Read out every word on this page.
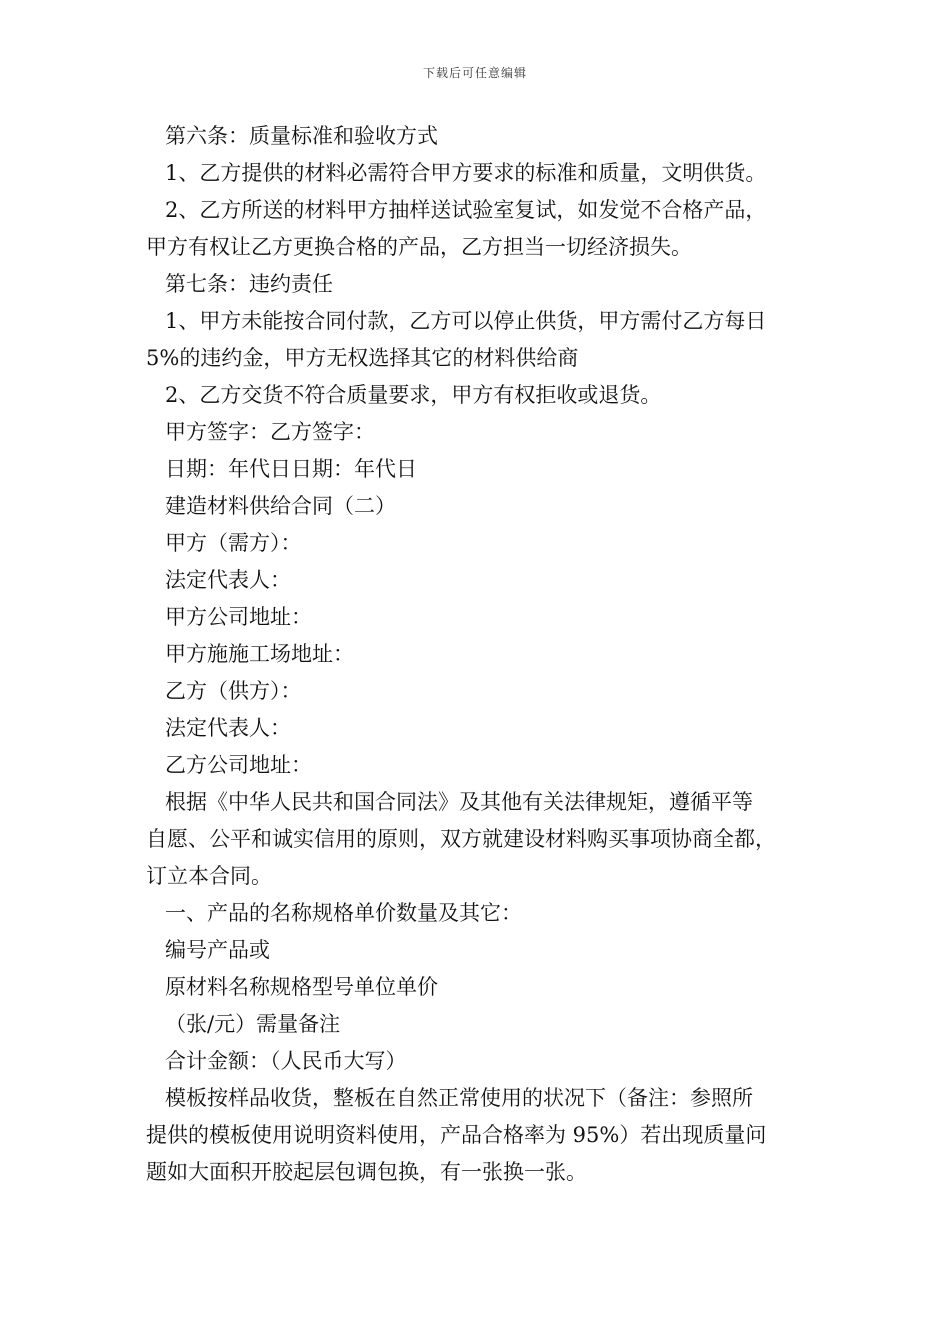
下载后可任意编辑
第六条：质量标准和验收方式
1、乙方提供的材料必需符合甲方要求的标准和质量，文明供货。
2、乙方所送的材料甲方抽样送试验室复试，如发觉不合格产品，
甲方有权让乙方更换合格的产品，乙方担当一切经济损失。
第七条：违约责任
1、甲方未能按合同付款，乙方可以停止供货，甲方需付乙方每日
5%的违约金，甲方无权选择其它的材料供给商
2、乙方交货不符合质量要求，甲方有权拒收或退货。
甲方签字：乙方签字：
日期：年代日日期：年代日
建造材料供给合同（二）
甲方（需方）：
法定代表人：
甲方公司地址：
甲方施施工场地址：
乙方（供方）：
法定代表人：
乙方公司地址：
根据《中华人民共和国合同法》及其他有关法律规矩，遵循平等
自愿、公平和诚实信用的原则，双方就建设材料购买事项协商全都，
订立本合同。
一、产品的名称规格单价数量及其它：
编号产品或
原材料名称规格型号单位单价
（张/元）需量备注
合计金额：（人民币大写）
模板按样品收货，整板在自然正常使用的状况下（备注：参照所
提供的模板使用说明资料使用，产品合格率为 95%）若出现质量问
题如大面积开胶起层包调包换，有一张换一张。
